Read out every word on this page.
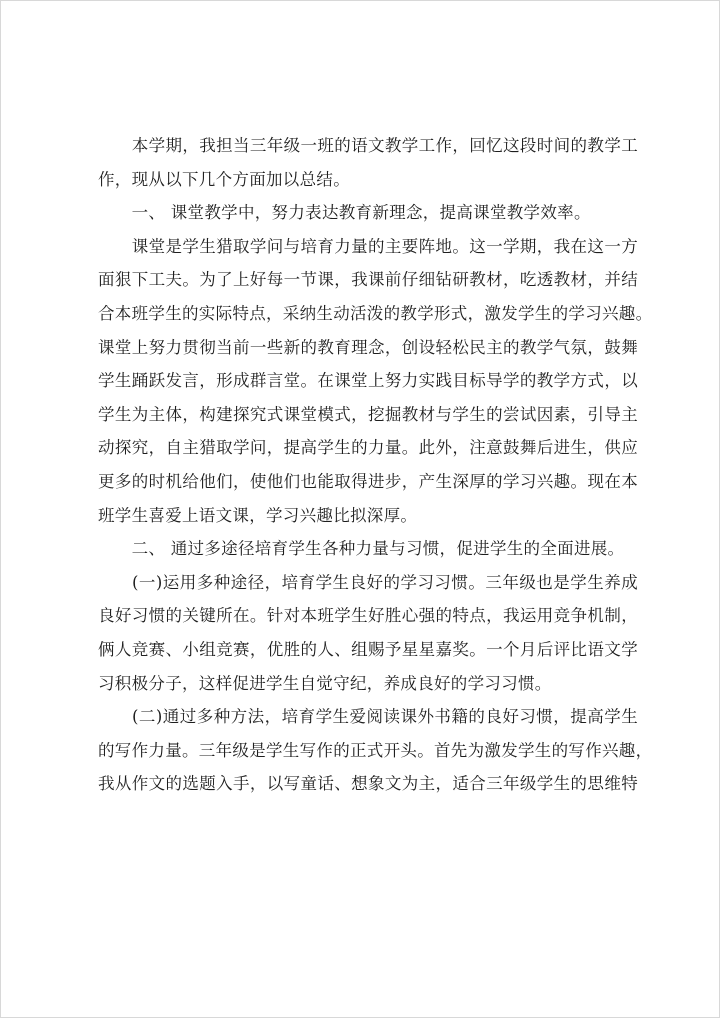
　　本学期，我担当三年级一班的语文教学工作，回忆这段时间的教学工
作，现从以下几个方面加以总结。
　　一、 课堂教学中，努力表达教育新理念，提高课堂教学效率。
　　课堂是学生猎取学问与培育力量的主要阵地。这一学期，我在这一方
面狠下工夫。为了上好每一节课，我课前仔细钻研教材，吃透教材，并结
合本班学生的实际特点，采纳生动活泼的教学形式，激发学生的学习兴趣。
课堂上努力贯彻当前一些新的教育理念，创设轻松民主的教学气氛，鼓舞
学生踊跃发言，形成群言堂。在课堂上努力实践目标导学的教学方式，以
学生为主体，构建探究式课堂模式，挖掘教材与学生的尝试因素，引导主
动探究，自主猎取学问，提高学生的力量。此外，注意鼓舞后进生，供应
更多的时机给他们，使他们也能取得进步，产生深厚的学习兴趣。现在本
班学生喜爱上语文课，学习兴趣比拟深厚。
　　二、 通过多途径培育学生各种力量与习惯，促进学生的全面进展。
　　(一)运用多种途径，培育学生良好的学习习惯。三年级也是学生养成
良好习惯的关键所在。针对本班学生好胜心强的特点，我运用竞争机制，
俩人竞赛、小组竞赛，优胜的人、组赐予星星嘉奖。一个月后评比语文学
习积极分子，这样促进学生自觉守纪，养成良好的学习习惯。
　　(二)通过多种方法，培育学生爱阅读课外书籍的良好习惯，提高学生
的写作力量。三年级是学生写作的正式开头。首先为激发学生的写作兴趣，
我从作文的选题入手，以写童话、想象文为主，适合三年级学生的思维特
